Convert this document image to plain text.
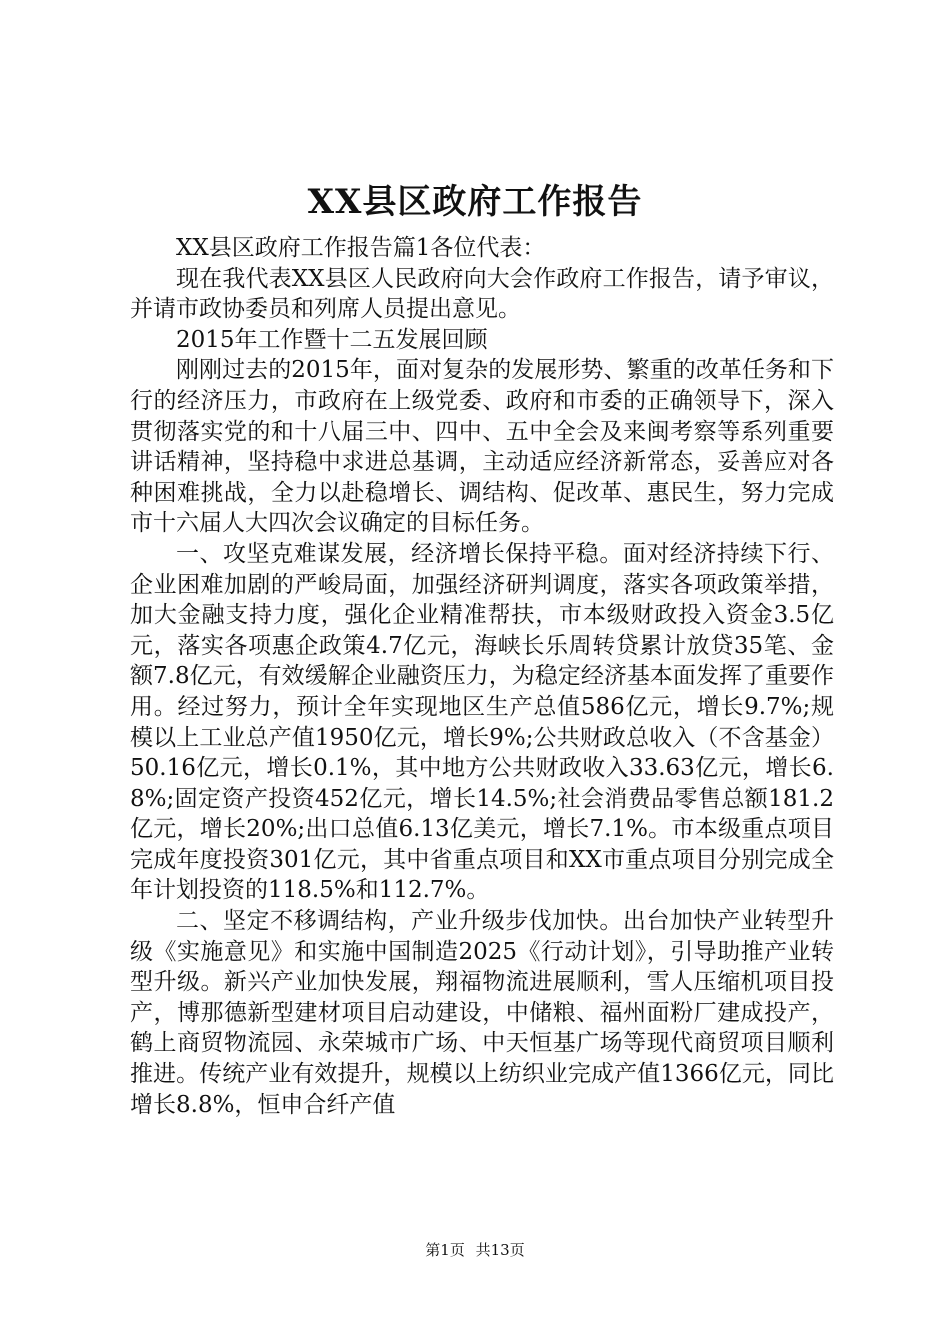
XX县区政府工作报告

XX县区政府工作报告篇1各位代表：

现在我代表XX县区人民政府向大会作政府工作报告，请予审议，并请市政协委员和列席人员提出意见。

2015年工作暨十二五发展回顾

刚刚过去的2015年，面对复杂的发展形势、繁重的改革任务和下行的经济压力，市政府在上级党委、政府和市委的正确领导下，深入贯彻落实党的和十八届三中、四中、五中全会及来闽考察等系列重要讲话精神，坚持稳中求进总基调，主动适应经济新常态，妥善应对各种困难挑战，全力以赴稳增长、调结构、促改革、惠民生，努力完成市十六届人大四次会议确定的目标任务。

一、攻坚克难谋发展，经济增长保持平稳。面对经济持续下行、企业困难加剧的严峻局面，加强经济研判调度，落实各项政策举措，加大金融支持力度，强化企业精准帮扶，市本级财政投入资金3.5亿元，落实各项惠企政策4.7亿元，海峡长乐周转贷累计放贷35笔、金额7.8亿元，有效缓解企业融资压力，为稳定经济基本面发挥了重要作用。经过努力，预计全年实现地区生产总值586亿元，增长9.7%;规模以上工业总产值1950亿元，增长9%;公共财政总收入（不含基金）50.16亿元，增长0.1%，其中地方公共财政收入33.63亿元，增长6.8%;固定资产投资452亿元，增长14.5%;社会消费品零售总额181.2亿元，增长20%;出口总值6.13亿美元，增长7.1%。市本级重点项目完成年度投资301亿元，其中省重点项目和XX市重点项目分别完成全年计划投资的118.5%和112.7%。

二、坚定不移调结构，产业升级步伐加快。出台加快产业转型升级《实施意见》和实施中国制造2025《行动计划》，引导助推产业转型升级。新兴产业加快发展，翔福物流进展顺利，雪人压缩机项目投产，博那德新型建材项目启动建设，中储粮、福州面粉厂建成投产，鹤上商贸物流园、永荣城市广场、中天恒基广场等现代商贸项目顺利推进。传统产业有效提升，规模以上纺织业完成产值1366亿元，同比增长8.8%，恒申合纤产值

第1页 共13页
